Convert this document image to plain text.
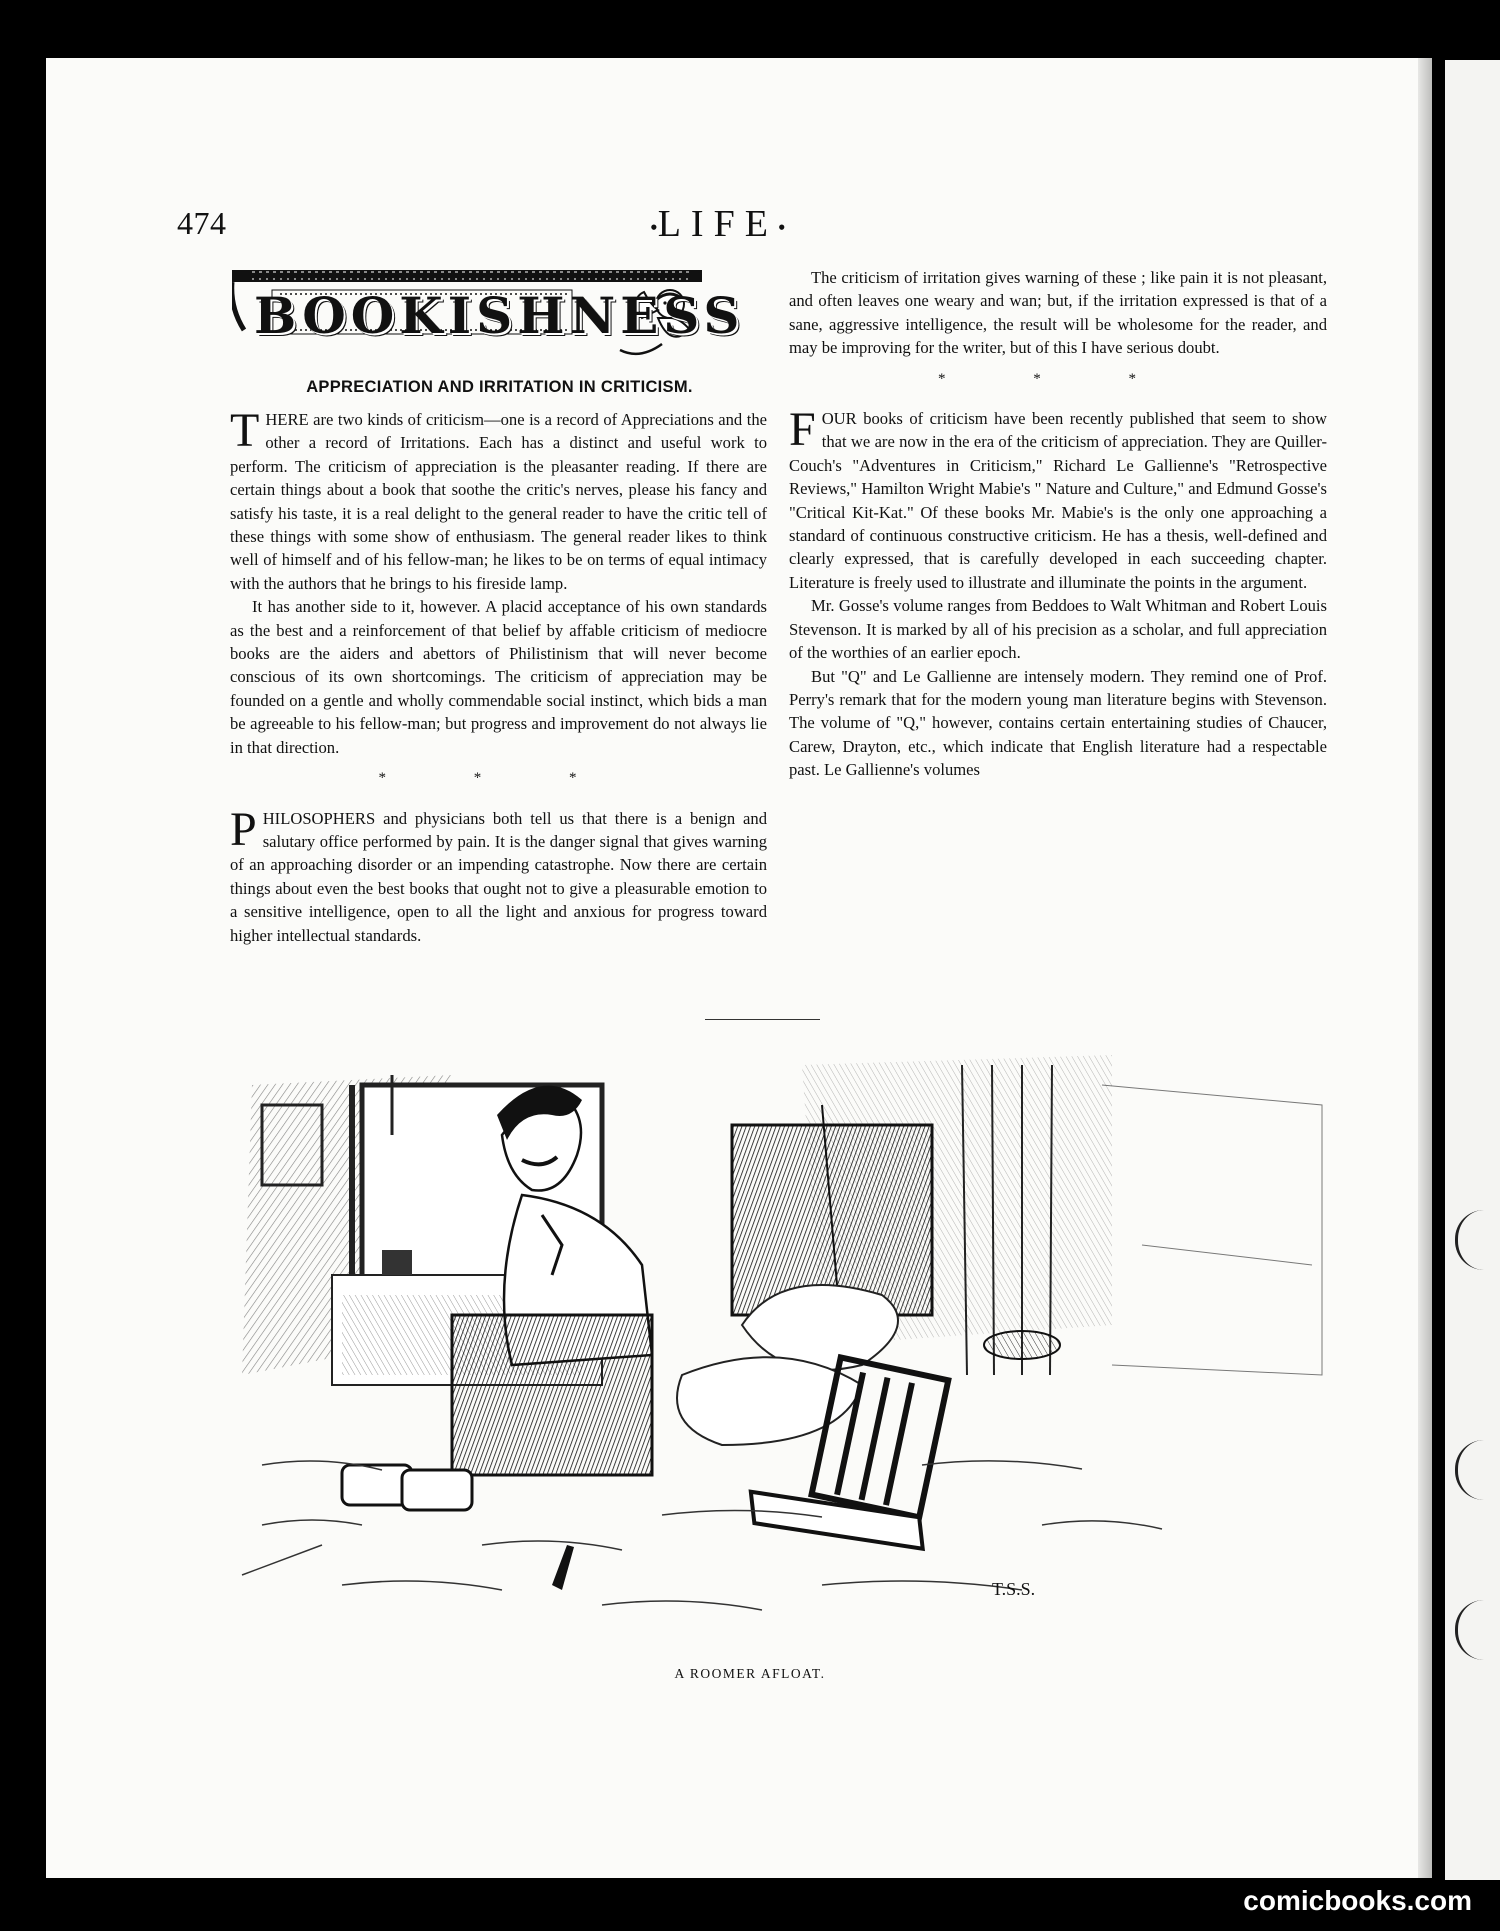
474	•LIFE•
BOOKISHNESS
APPRECIATION AND IRRITATION IN CRITICISM.

THERE are two kinds of criticism—one is a record of Appreciations and the other a record of Irritations. Each has a distinct and useful work to perform. The criticism of appreciation is the pleasanter reading. If there are certain things about a book that soothe the critic's nerves, please his fancy and satisfy his taste, it is a real delight to the general reader to have the critic tell of these things with some show of enthusiasm. The general reader likes to think well of himself and of his fellow-man; he likes to be on terms of equal intimacy with the authors that he brings to his fireside lamp.

It has another side to it, however. A placid acceptance of his own standards as the best and a reinforcement of that belief by affable criticism of mediocre books are the aiders and abettors of Philistinism that will never become conscious of its own shortcomings. The criticism of appreciation may be founded on a gentle and wholly commendable social instinct, which bids a man be agreeable to his fellow-man; but progress and improvement do not always lie in that direction.

* * *

PHILOSOPHERS and physicians both tell us that there is a benign and salutary office performed by pain. It is the danger signal that gives warning of an approaching disorder or an impending catastrophe. Now there are certain things about even the best books that ought not to give a pleasurable emotion to a sensitive intelligence, open to all the light and anxious for progress toward higher intellectual standards.

The criticism of irritation gives warning of these ; like pain it is not pleasant, and often leaves one weary and wan; but, if the irritation expressed is that of a sane, aggressive intelligence, the result will be wholesome for the reader, and may be improving for the writer, but of this I have serious doubt.

* * *

FOUR books of criticism have been recently published that seem to show that we are now in the era of the criticism of appreciation. They are Quiller-Couch's "Adventures in Criticism," Richard Le Gallienne's "Retrospective Reviews," Hamilton Wright Mabie's " Nature and Culture," and Edmund Gosse's "Critical Kit-Kat." Of these books Mr. Mabie's is the only one approaching a standard of continuous constructive criticism. He has a thesis, well-defined and clearly expressed, that is carefully developed in each succeeding chapter. Literature is freely used to illustrate and illuminate the points in the argument.

Mr. Gosse's volume ranges from Beddoes to Walt Whitman and Robert Louis Stevenson. It is marked by all of his precision as a scholar, and full appreciation of the worthies of an earlier epoch.

But "Q" and Le Gallienne are intensely modern. They remind one of Prof. Perry's remark that for the modern young man literature begins with Stevenson. The volume of "Q," however, contains certain entertaining studies of Chaucer, Carew, Drayton, etc., which indicate that English literature had a respectable past. Le Gallienne's volumes

T.S.S.
A ROOMER AFLOAT.
comicbooks.com
